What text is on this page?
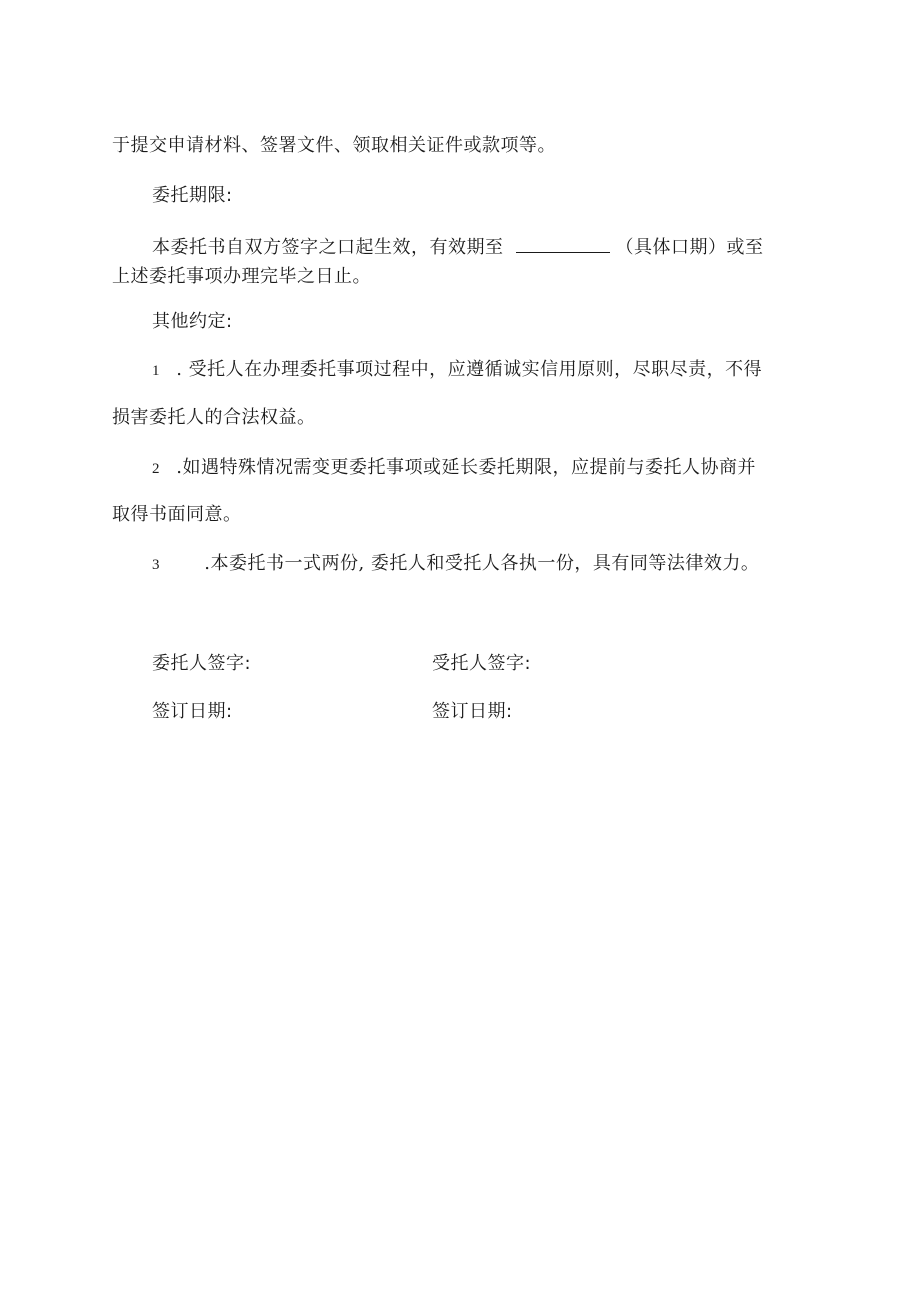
于提交申请材料、签署文件、领取相关证件或款项等。
委托期限:
本委托书自双方签字之口起生效，有效期至	（具体口期）或至
上述委托事项办理完毕之日止。
其他约定:
1 . 受托人在办理委托事项过程中，应遵循诚实信用原则，尽职尽责，不得
损害委托人的合法权益。
2 .如遇特殊情况需变更委托事项或延长委托期限，应提前与委托人协商并
取得书面同意。
3 .本委托书一式两份, 委托人和受托人各执一份，具有同等法律效力。
委托人签字:	受托人签字:
签订日期:	签订日期:
